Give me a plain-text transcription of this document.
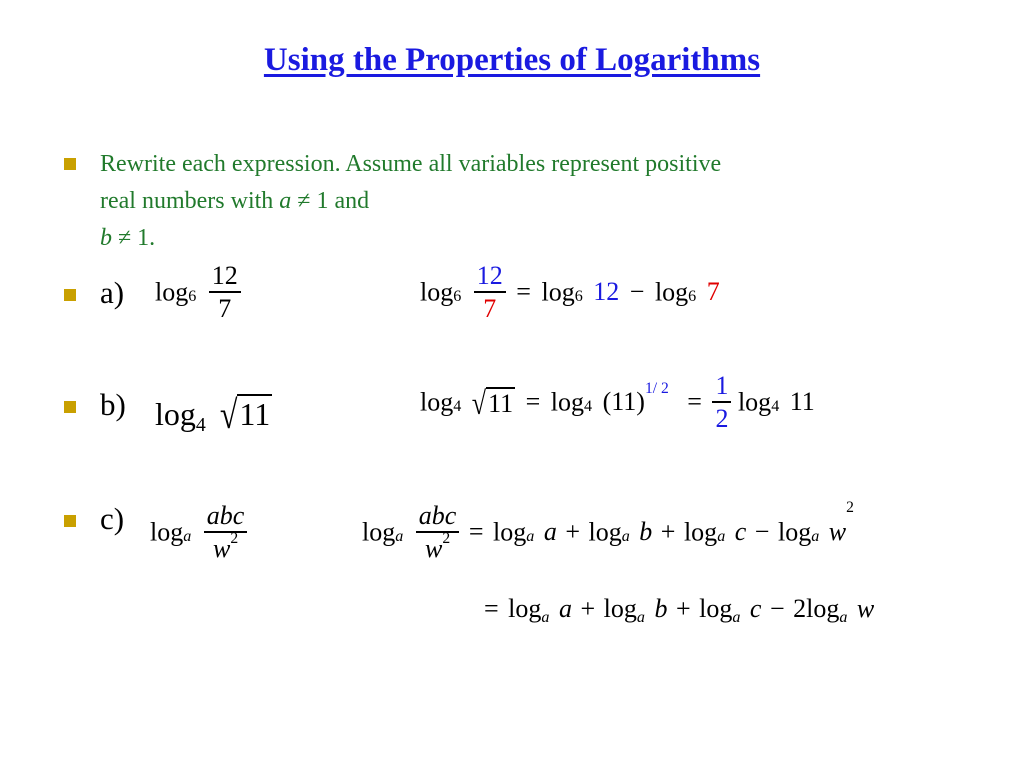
Using the Properties of Logarithms
Rewrite each expression. Assume all variables represent positive
real numbers with a ≠ 1 and
b ≠ 1.
a) $\log 6 \frac{12}{7}$	$\log 6 \frac{12}{7} = \log 6$ 12 − log6 7
b) log4 √11	log4 √11 = log4 $(11)^{1/ 2} = \frac{1}{2} \log 4$ 11
c) loga $\frac{\text{abc}}{w^2}$	loga $\frac{\text{abc}}{w^2} = \log a$ a + loga b + loga c − loga $w^2$
= loga a + loga b + loga c − 2loga w
